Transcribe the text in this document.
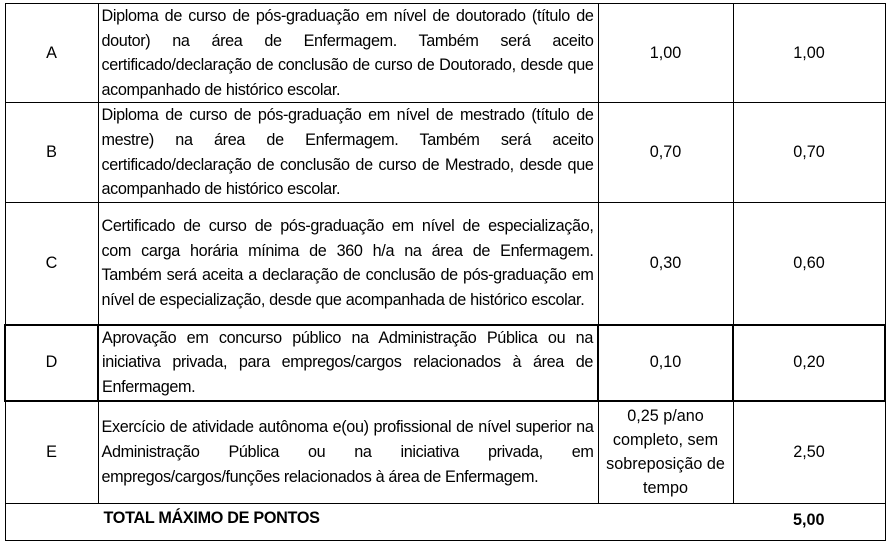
A	Diploma de curso de pós-graduação em nível de doutorado (título de doutor) na área de Enfermagem. Também será aceito certificado/declaração de conclusão de curso de Doutorado, desde que acompanhado de histórico escolar.	1,00	1,00
B	Diploma de curso de pós-graduação em nível de mestrado (título de mestre) na área de Enfermagem. Também será aceito certificado/declaração de conclusão de curso de Mestrado, desde que acompanhado de histórico escolar.	0,70	0,70
C	Certificado de curso de pós-graduação em nível de especialização, com carga horária mínima de 360 h/a na área de Enfermagem. Também será aceita a declaração de conclusão de pós-graduação em nível de especialização, desde que acompanhada de histórico escolar.	0,30	0,60
D	Aprovação em concurso público na Administração Pública ou na iniciativa privada, para empregos/cargos relacionados à área de Enfermagem.	0,10	0,20
E	Exercício de atividade autônoma e(ou) profissional de nível superior na Administração Pública ou na iniciativa privada, em empregos/cargos/funções relacionados à área de Enfermagem.	0,25 p/ano completo, sem sobreposição de tempo	2,50
TOTAL MÁXIMO DE PONTOS			5,00
